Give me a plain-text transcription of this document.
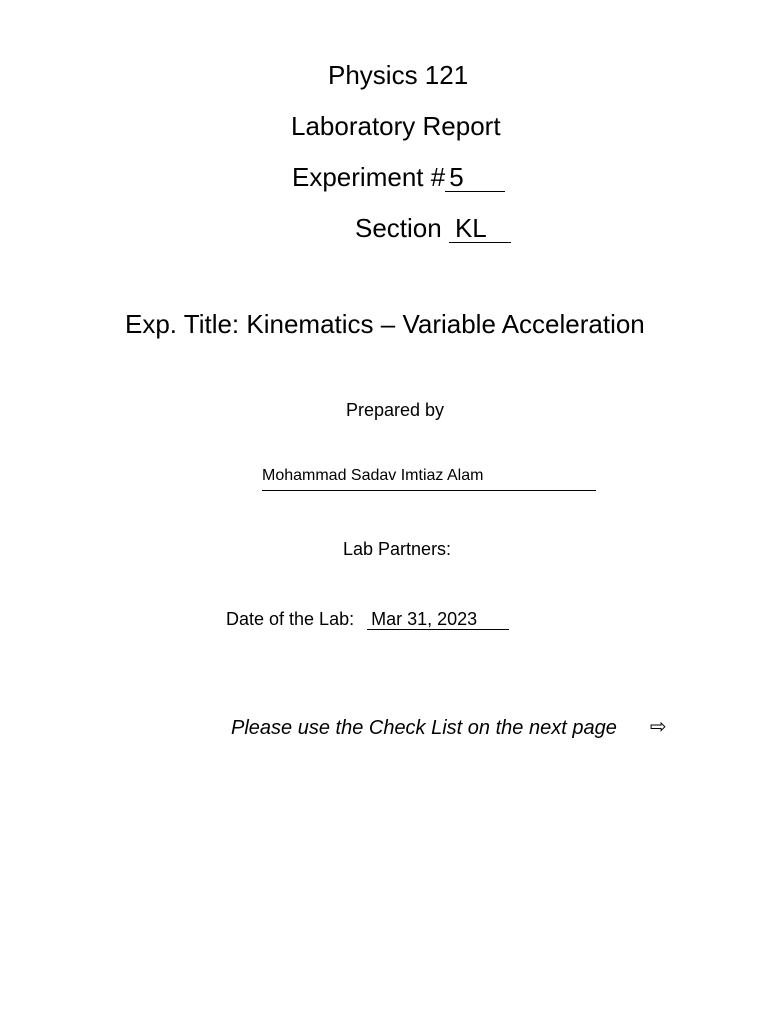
Physics 121
Laboratory Report
Experiment # 5
Section KL
Exp. Title: Kinematics – Variable Acceleration
Prepared by
Mohammad Sadav Imtiaz Alam
Lab Partners:
Date of the Lab: Mar 31, 2023
Please use the Check List on the next page ⇨
